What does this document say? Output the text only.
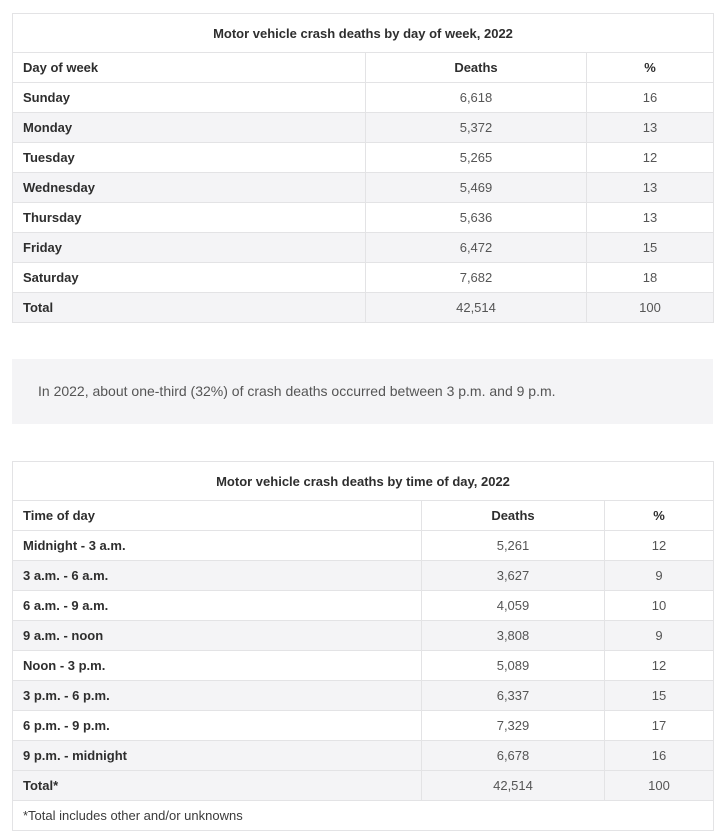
Motor vehicle crash deaths by day of week, 2022		
Day of week	Deaths	%
Sunday	6,618	16
Monday	5,372	13
Tuesday	5,265	12
Wednesday	5,469	13
Thursday	5,636	13
Friday	6,472	15
Saturday	7,682	18
Total	42,514	100
In 2022, about one-third (32%) of crash deaths occurred between 3 p.m. and 9 p.m.
Motor vehicle crash deaths by time of day, 2022		
Time of day	Deaths	%
Midnight - 3 a.m.	5,261	12
3 a.m. - 6 a.m.	3,627	9
6 a.m. - 9 a.m.	4,059	10
9 a.m. - noon	3,808	9
Noon - 3 p.m.	5,089	12
3 p.m. - 6 p.m.	6,337	15
6 p.m. - 9 p.m.	7,329	17
9 p.m. - midnight	6,678	16
Total*	42,514	100
*Total includes other and/or unknowns		
